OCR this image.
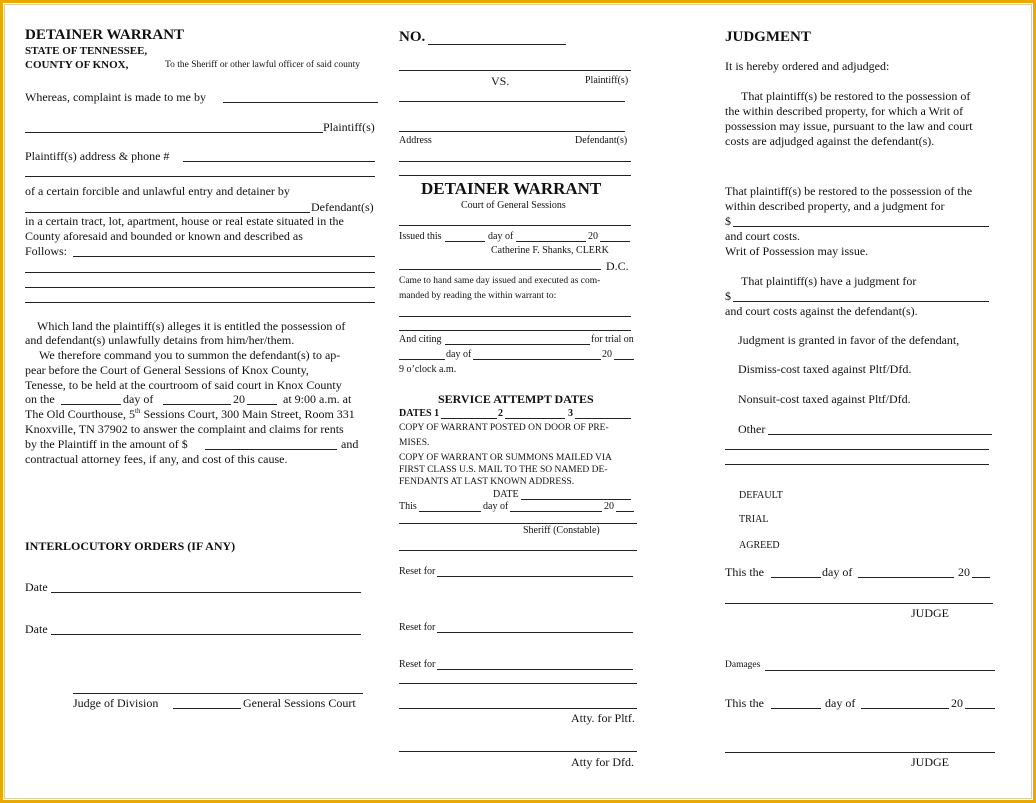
DETAINER WARRANT
STATE OF TENNESSEE,
COUNTY OF KNOX,	To the Sheriff or other lawful officer of said county
Whereas, complaint is made to me by
Plaintiff(s)
Plaintiff(s) address & phone #
of a certain forcible and unlawful entry and detainer by
Defendant(s)
in a certain tract, lot, apartment, house or real estate situated in the
County aforesaid and bounded or known and described as
Follows:
Which land the plaintiff(s) alleges it is entitled the possession of
and defendant(s) unlawfully detains from him/her/them.
We therefore command you to summon the defendant(s) to ap-
pear before the Court of General Sessions of Knox County,
Tenesse, to be held at the courtroom of said court in Knox County
on the	day of	20	at 9:00 a.m. at
The Old Courthouse, 5th Sessions Court, 300 Main Street, Room 331
Knoxville, TN 37902 to answer the complaint and claims for rents
by the Plaintiff in the amount of $	and
contractual attorney fees, if any, and cost of this cause.
INTERLOCUTORY ORDERS (IF ANY)
Date
Date
Judge of Division	General Sessions Court
NO.
VS.	Plaintiff(s)
Address	Defendant(s)
DETAINER WARRANT
Court of General Sessions
Issued this	day of	20
Catherine F. Shanks, CLERK
D.C.
Came to hand same day issued and executed as com-
manded by reading the within warrant to:
And citing	for trial on
day of	20
9 o’clock a.m.
SERVICE ATTEMPT DATES
DATES 1	2	3
COPY OF WARRANT POSTED ON DOOR OF PRE-
MISES.
COPY OF WARRANT OR SUMMONS MAILED VIA
FIRST CLASS U.S. MAIL TO THE SO NAMED DE-
FENDANTS AT LAST KNOWN ADDRESS.
DATE
This	day of	20
Sheriff (Constable)
Reset for
Reset for
Reset for
Atty. for Pltf.
Atty for Dfd.
JUDGMENT
It is hereby ordered and adjudged:
That plaintiff(s) be restored to the possession of
the within described property, for which a Writ of
possession may issue, pursuant to the law and court
costs are adjudged against the defendant(s).
That plaintiff(s) be restored to the possession of the
within described property, and a judgment for
$
and court costs.
Writ of Possession may issue.
That plaintiff(s) have a judgment for
$
and court costs against the defendant(s).
Judgment is granted in favor of the defendant,
Dismiss-cost taxed against Pltf/Dfd.
Nonsuit-cost taxed against Pltf/Dfd.
Other
DEFAULT
TRIAL
AGREED
This the	day of	20
JUDGE
Damages
This the	day of	20
JUDGE
